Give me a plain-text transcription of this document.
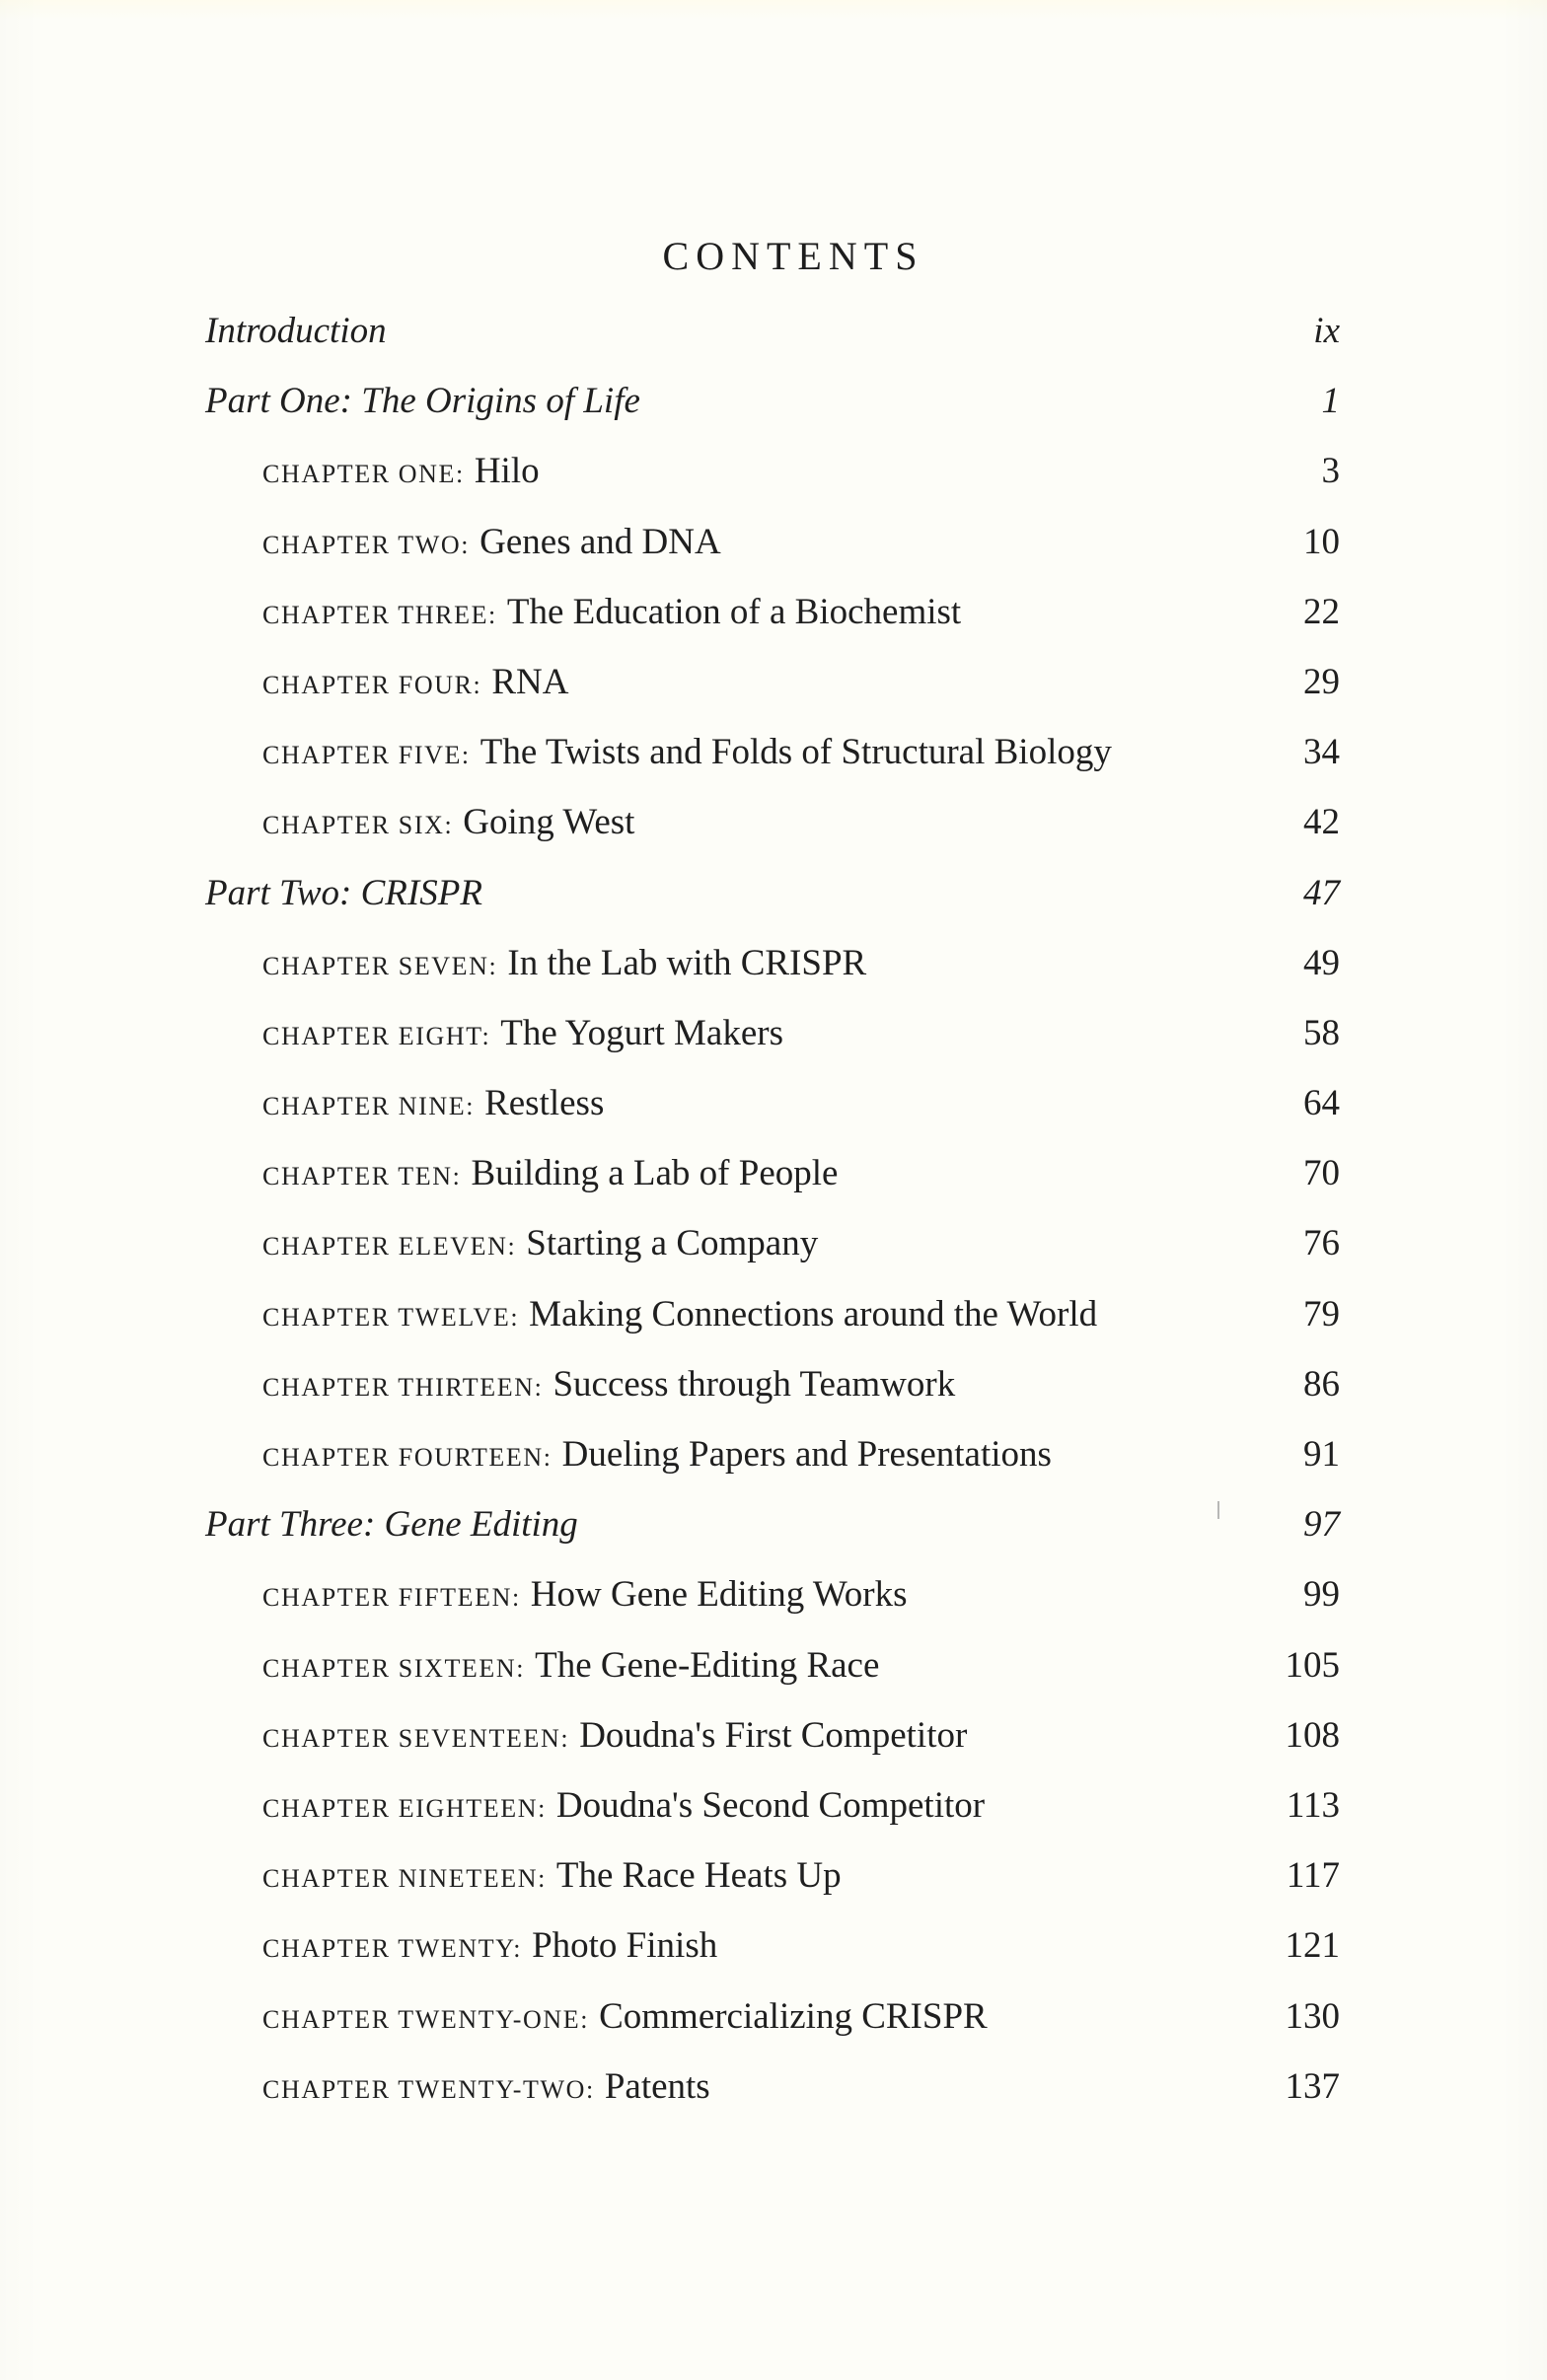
CONTENTS
Introduction	ix
Part One: The Origins of Life	1
CHAPTER ONE: Hilo	3
CHAPTER TWO: Genes and DNA	10
CHAPTER THREE: The Education of a Biochemist	22
CHAPTER FOUR: RNA	29
CHAPTER FIVE: The Twists and Folds of Structural Biology	34
CHAPTER SIX: Going West	42
Part Two: CRISPR	47
CHAPTER SEVEN: In the Lab with CRISPR	49
CHAPTER EIGHT: The Yogurt Makers	58
CHAPTER NINE: Restless	64
CHAPTER TEN: Building a Lab of People	70
CHAPTER ELEVEN: Starting a Company	76
CHAPTER TWELVE: Making Connections around the World	79
CHAPTER THIRTEEN: Success through Teamwork	86
CHAPTER FOURTEEN: Dueling Papers and Presentations	91
Part Three: Gene Editing	97
CHAPTER FIFTEEN: How Gene Editing Works	99
CHAPTER SIXTEEN: The Gene-Editing Race	105
CHAPTER SEVENTEEN: Doudna's First Competitor	108
CHAPTER EIGHTEEN: Doudna's Second Competitor	113
CHAPTER NINETEEN: The Race Heats Up	117
CHAPTER TWENTY: Photo Finish	121
CHAPTER TWENTY-ONE: Commercializing CRISPR	130
CHAPTER TWENTY-TWO: Patents	137
